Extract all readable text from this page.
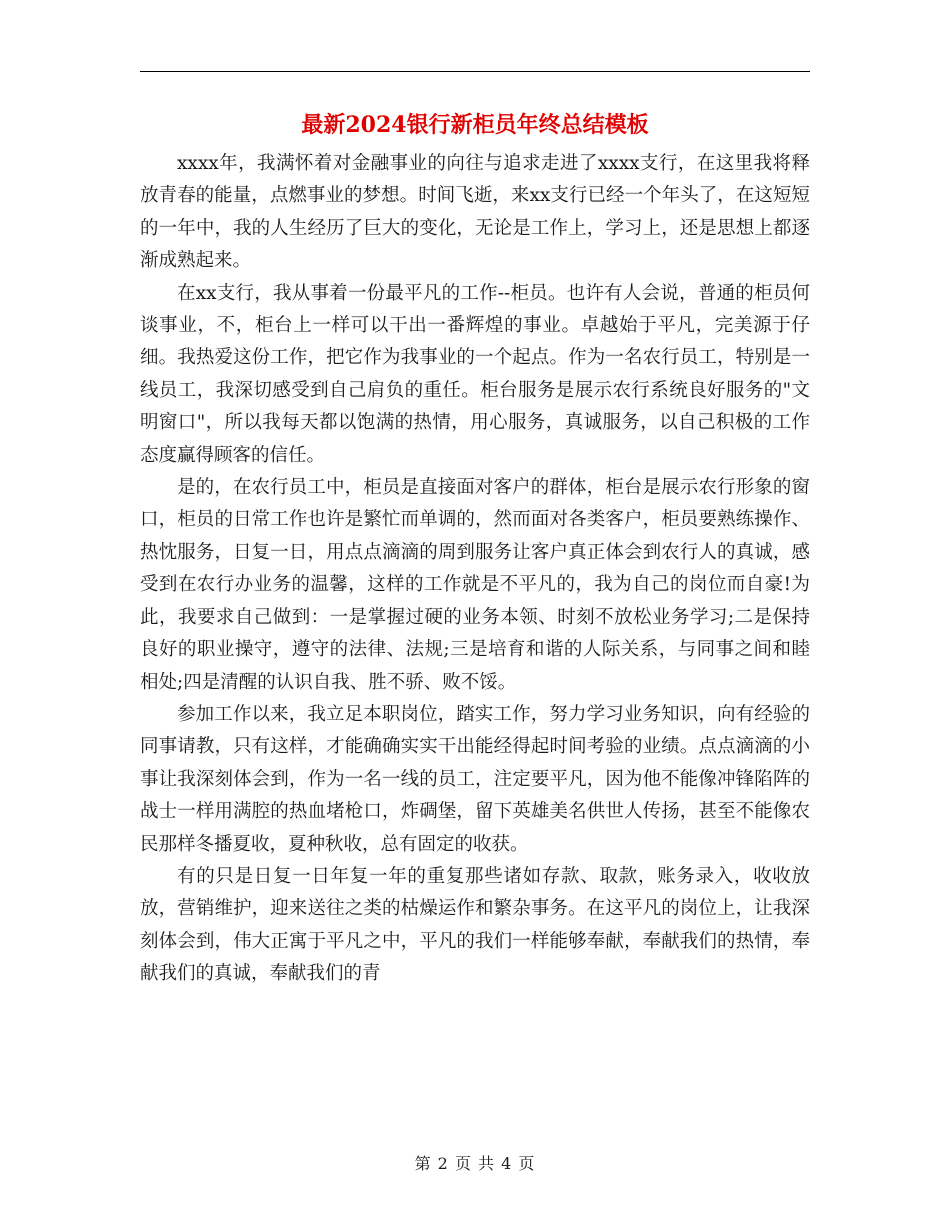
最新2024银行新柜员年终总结模板

xxxx年，我满怀着对金融事业的向往与追求走进了xxxx支行，在这里我将释放青春的能量，点燃事业的梦想。时间飞逝，来xx支行已经一个年头了，在这短短的一年中，我的人生经历了巨大的变化，无论是工作上，学习上，还是思想上都逐渐成熟起来。

在xx支行，我从事着一份最平凡的工作--柜员。也许有人会说，普通的柜员何谈事业，不，柜台上一样可以干出一番辉煌的事业。卓越始于平凡，完美源于仔细。我热爱这份工作，把它作为我事业的一个起点。作为一名农行员工，特别是一线员工，我深切感受到自己肩负的重任。柜台服务是展示农行系统良好服务的"文明窗口"，所以我每天都以饱满的热情，用心服务，真诚服务，以自己积极的工作态度赢得顾客的信任。

是的，在农行员工中，柜员是直接面对客户的群体，柜台是展示农行形象的窗口，柜员的日常工作也许是繁忙而单调的，然而面对各类客户，柜员要熟练操作、热忱服务，日复一日，用点点滴滴的周到服务让客户真正体会到农行人的真诚，感受到在农行办业务的温馨，这样的工作就是不平凡的，我为自己的岗位而自豪!为此，我要求自己做到：一是掌握过硬的业务本领、时刻不放松业务学习;二是保持良好的职业操守，遵守的法律、法规;三是培育和谐的人际关系，与同事之间和睦相处;四是清醒的认识自我、胜不骄、败不馁。

参加工作以来，我立足本职岗位，踏实工作，努力学习业务知识，向有经验的同事请教，只有这样，才能确确实实干出能经得起时间考验的业绩。点点滴滴的小事让我深刻体会到，作为一名一线的员工，注定要平凡，因为他不能像冲锋陷阵的战士一样用满腔的热血堵枪口，炸碉堡，留下英雄美名供世人传扬，甚至不能像农民那样冬播夏收，夏种秋收，总有固定的收获。

有的只是日复一日年复一年的重复那些诸如存款、取款，账务录入，收收放放，营销维护，迎来送往之类的枯燥运作和繁杂事务。在这平凡的岗位上，让我深刻体会到，伟大正寓于平凡之中，平凡的我们一样能够奉献，奉献我们的热情，奉献我们的真诚，奉献我们的青

第 2 页 共 4 页
